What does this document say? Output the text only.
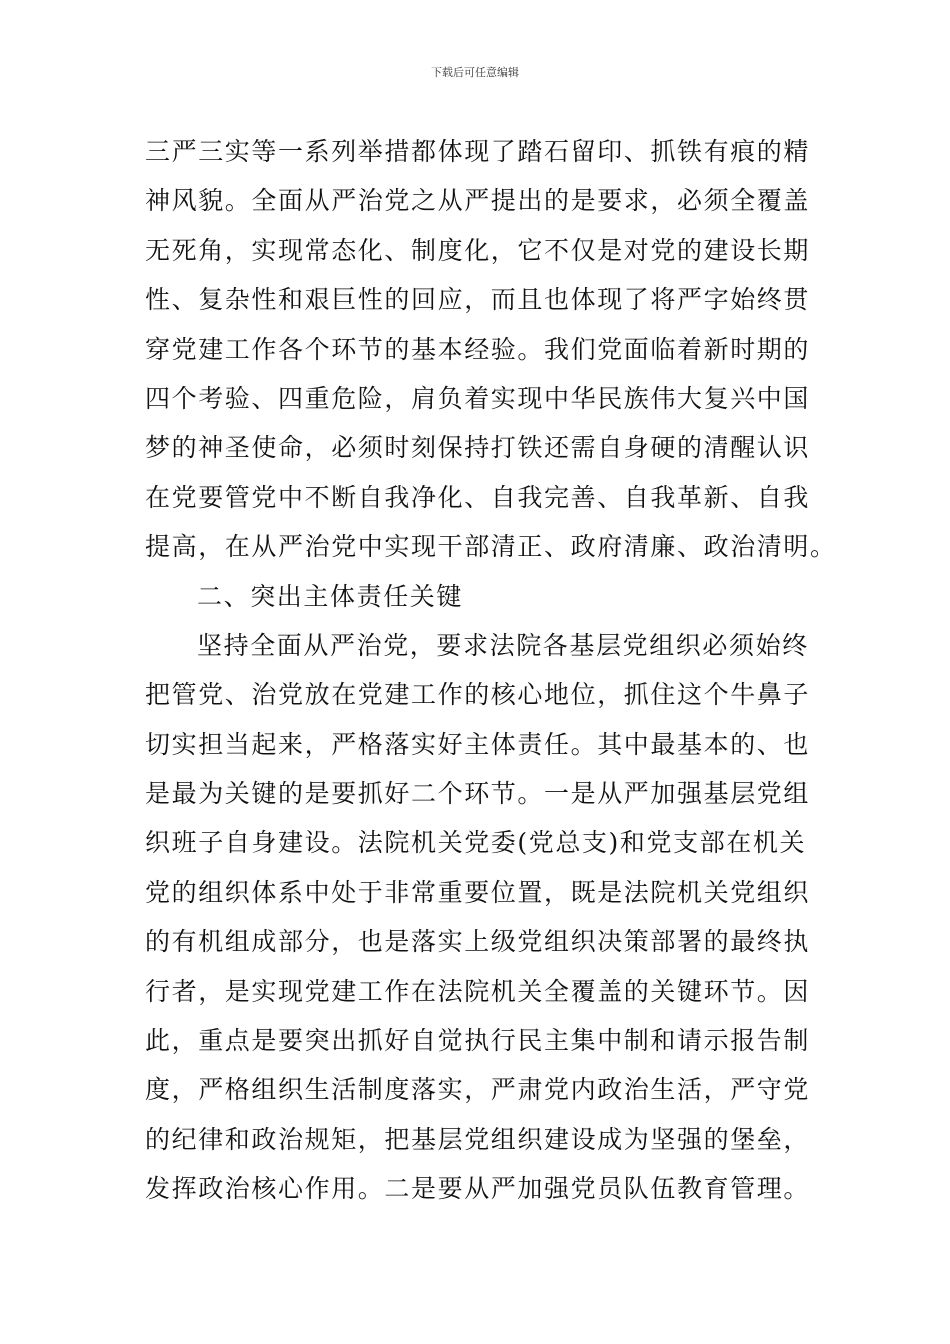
下载后可任意编辑
三严三实等一系列举措都体现了踏石留印、抓铁有痕的精
神风貌。全面从严治党之从严提出的是要求，必须全覆盖
无死角，实现常态化、制度化，它不仅是对党的建设长期
性、复杂性和艰巨性的回应，而且也体现了将严字始终贯
穿党建工作各个环节的基本经验。我们党面临着新时期的
四个考验、四重危险，肩负着实现中华民族伟大复兴中国
梦的神圣使命，必须时刻保持打铁还需自身硬的清醒认识
在党要管党中不断自我净化、自我完善、自我革新、自我
提高，在从严治党中实现干部清正、政府清廉、政治清明。
二、突出主体责任关键
坚持全面从严治党，要求法院各基层党组织必须始终
把管党、治党放在党建工作的核心地位，抓住这个牛鼻子
切实担当起来，严格落实好主体责任。其中最基本的、也
是最为关键的是要抓好二个环节。一是从严加强基层党组
织班子自身建设。法院机关党委(党总支)和党支部在机关
党的组织体系中处于非常重要位置，既是法院机关党组织
的有机组成部分，也是落实上级党组织决策部署的最终执
行者，是实现党建工作在法院机关全覆盖的关键环节。因
此，重点是要突出抓好自觉执行民主集中制和请示报告制
度，严格组织生活制度落实，严肃党内政治生活，严守党
的纪律和政治规矩，把基层党组织建设成为坚强的堡垒，
发挥政治核心作用。二是要从严加强党员队伍教育管理。
